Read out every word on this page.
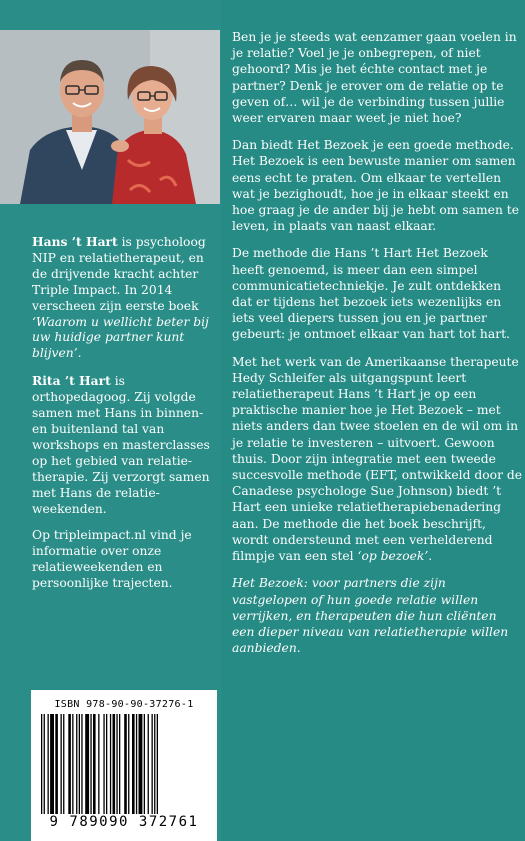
Hans ’t Hart is psycholoog NIP en relatietherapeut, en de drijvende kracht achter Triple Impact. In 2014 verscheen zijn eerste boek ‘Waarom u wellicht beter bij uw huidige partner kunt blijven’.

Rita ’t Hart is orthopedagoog. Zij volgde samen met Hans in binnen- en buitenland tal van workshops en masterclasses op het gebied van relatietherapie. Zij verzorgt samen met Hans de relatieweekenden.

Op tripleimpact.nl vind je informatie over onze relatieweekenden en persoonlijke trajecten.

Ben je je steeds wat eenzamer gaan voelen in je relatie? Voel je je onbegrepen, of niet gehoord? Mis je het échte contact met je partner? Denk je erover om de relatie op te geven of… wil je de verbinding tussen jullie weer ervaren maar weet je niet hoe?

Dan biedt Het Bezoek je een goede methode. Het Bezoek is een bewuste manier om samen eens echt te praten. Om elkaar te vertellen wat je bezighoudt, hoe je in elkaar steekt en hoe graag je de ander bij je hebt om samen te leven, in plaats van naast elkaar.

De methode die Hans ’t Hart Het Bezoek heeft genoemd, is meer dan een simpel communicatietechniekje. Je zult ontdekken dat er tijdens het bezoek iets wezenlijks en iets veel diepers tussen jou en je partner gebeurt: je ontmoet elkaar van hart tot hart.

Met het werk van de Amerikaanse therapeute Hedy Schleifer als uitgangspunt leert relatietherapeut Hans ’t Hart je op een praktische manier hoe je Het Bezoek – met niets anders dan twee stoelen en de wil om in je relatie te investeren – uitvoert. Gewoon thuis. Door zijn integratie met een tweede succesvolle methode (EFT, ontwikkeld door de Canadese psychologe Sue Johnson) biedt ’t Hart een unieke relatietherapiebenadering aan. De methode die het boek beschrijft, wordt ondersteund met een verhelderend filmpje van een stel ‘op bezoek’.

Het Bezoek: voor partners die zijn vastgelopen of hun goede relatie willen verrijken, en therapeuten die hun cliënten een dieper niveau van relatietherapie willen aanbieden.

ISBN 978-90-90-37276-1
9 789090 372761
